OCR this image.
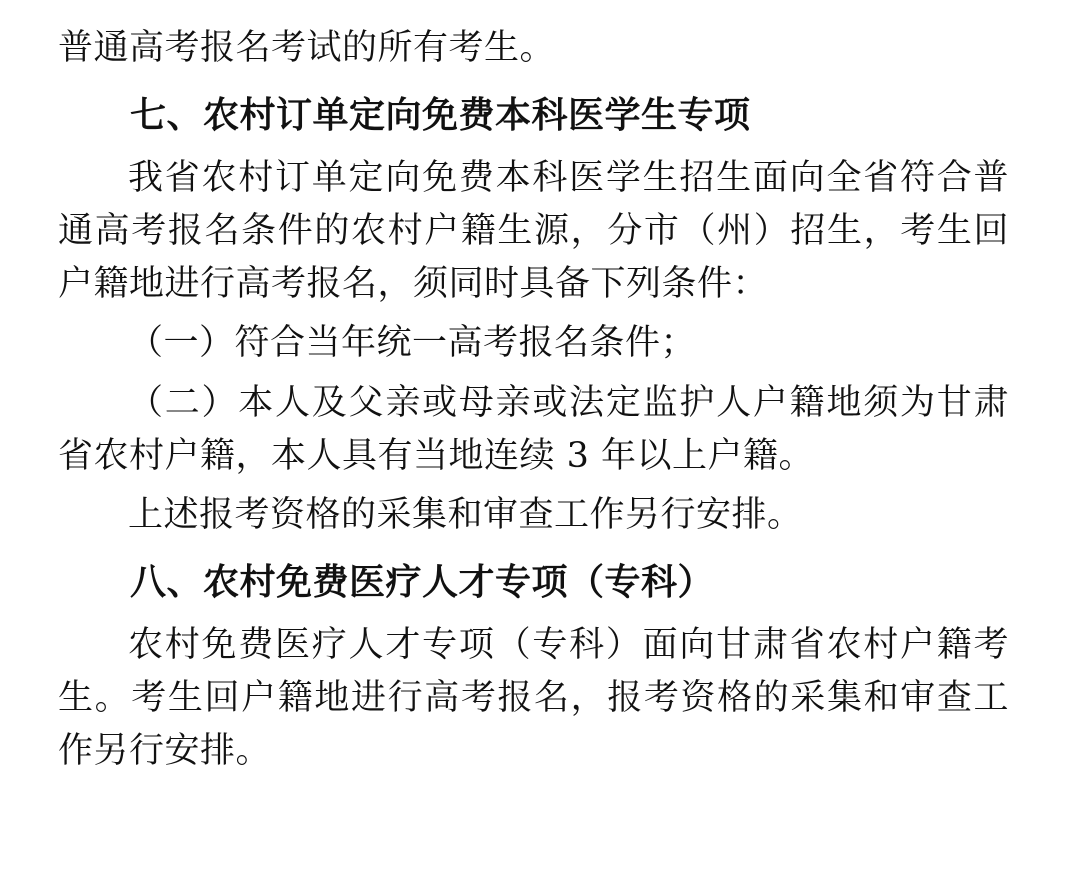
普通高考报名考试的所有考生。

七、农村订单定向免费本科医学生专项

我省农村订单定向免费本科医学生招生面向全省符合普通高考报名条件的农村户籍生源，分市（州）招生，考生回户籍地进行高考报名，须同时具备下列条件：

（一）符合当年统一高考报名条件；

（二）本人及父亲或母亲或法定监护人户籍地须为甘肃省农村户籍，本人具有当地连续 3 年以上户籍。

上述报考资格的采集和审查工作另行安排。

八、农村免费医疗人才专项（专科）

农村免费医疗人才专项（专科）面向甘肃省农村户籍考生。考生回户籍地进行高考报名，报考资格的采集和审查工作另行安排。
